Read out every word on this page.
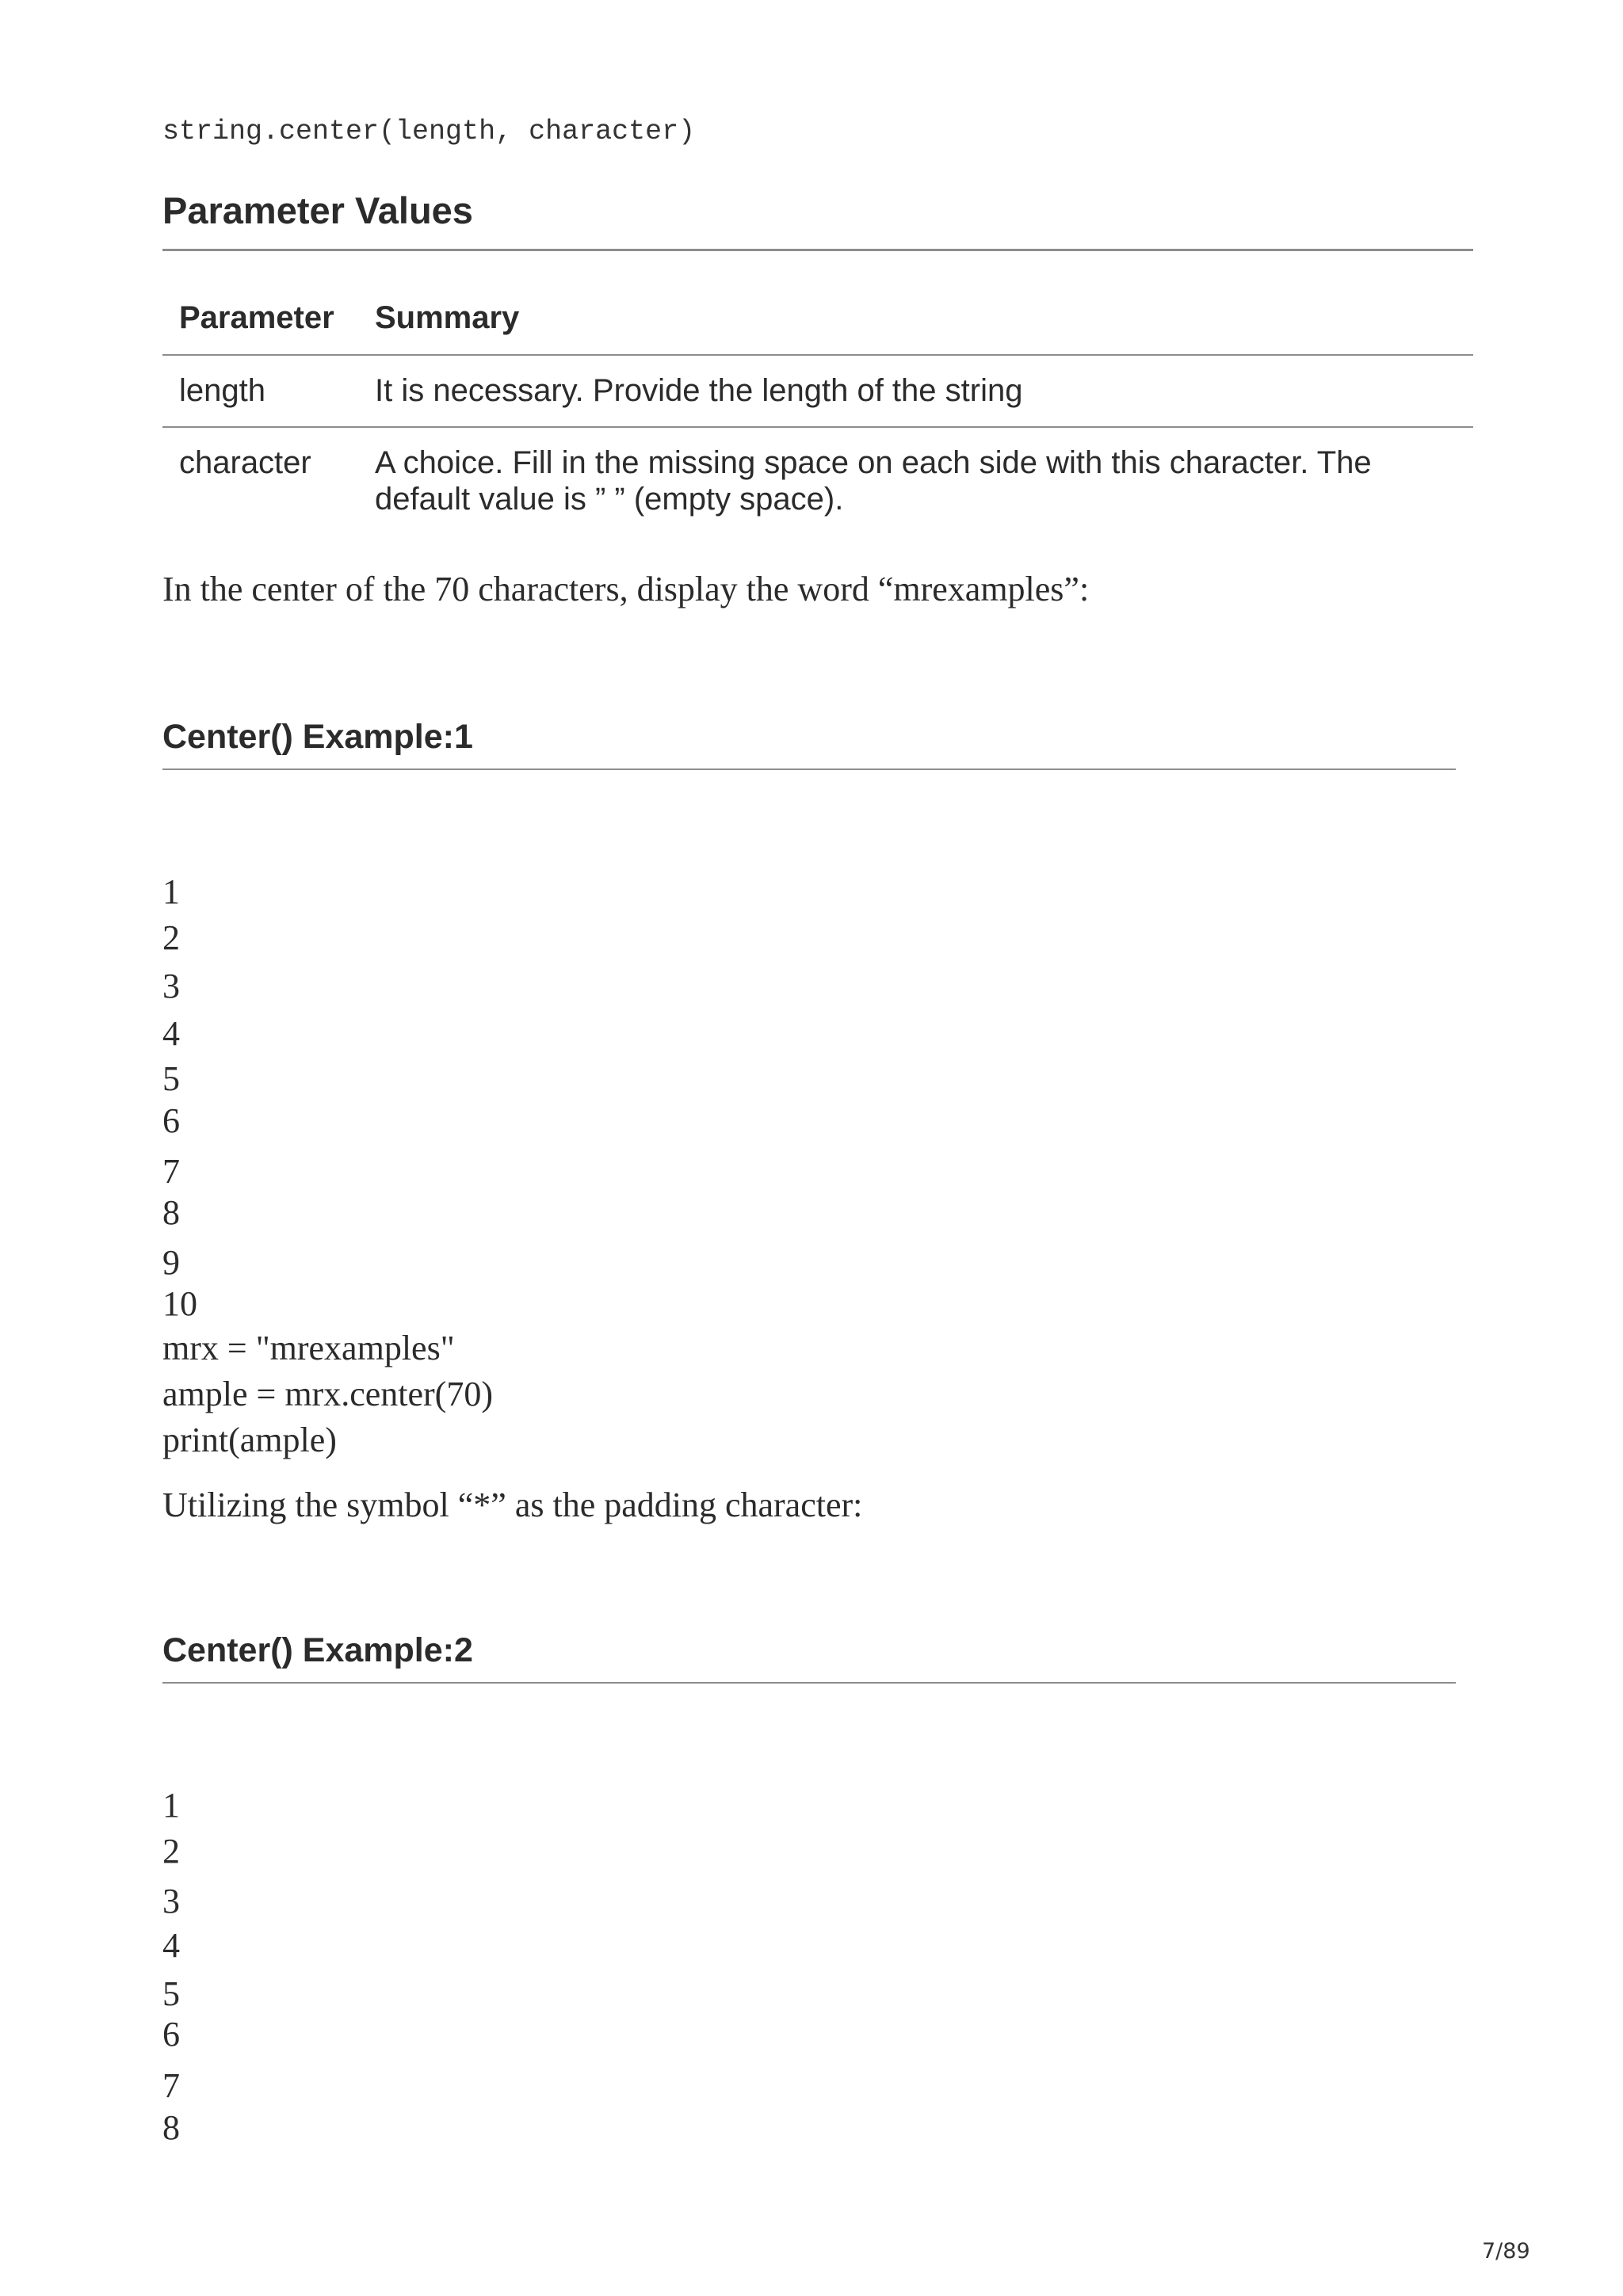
string.center(length, character)
Parameter Values
Parameter Summary
length	It is necessary. Provide the length of the string
character A choice. Fill in the missing space on each side with this character. The
default value is ” ” (empty space).
In the center of the 70 characters, display the word “mrexamples”:
Center() Example:1
1
2
3
4
5
6
7
8
9
10
mrx = "mrexamples"
ample = mrx.center(70)
print(ample)
Utilizing the symbol “*” as the padding character:
Center() Example:2
1
2
3
4
5
6
7
8
7/89
